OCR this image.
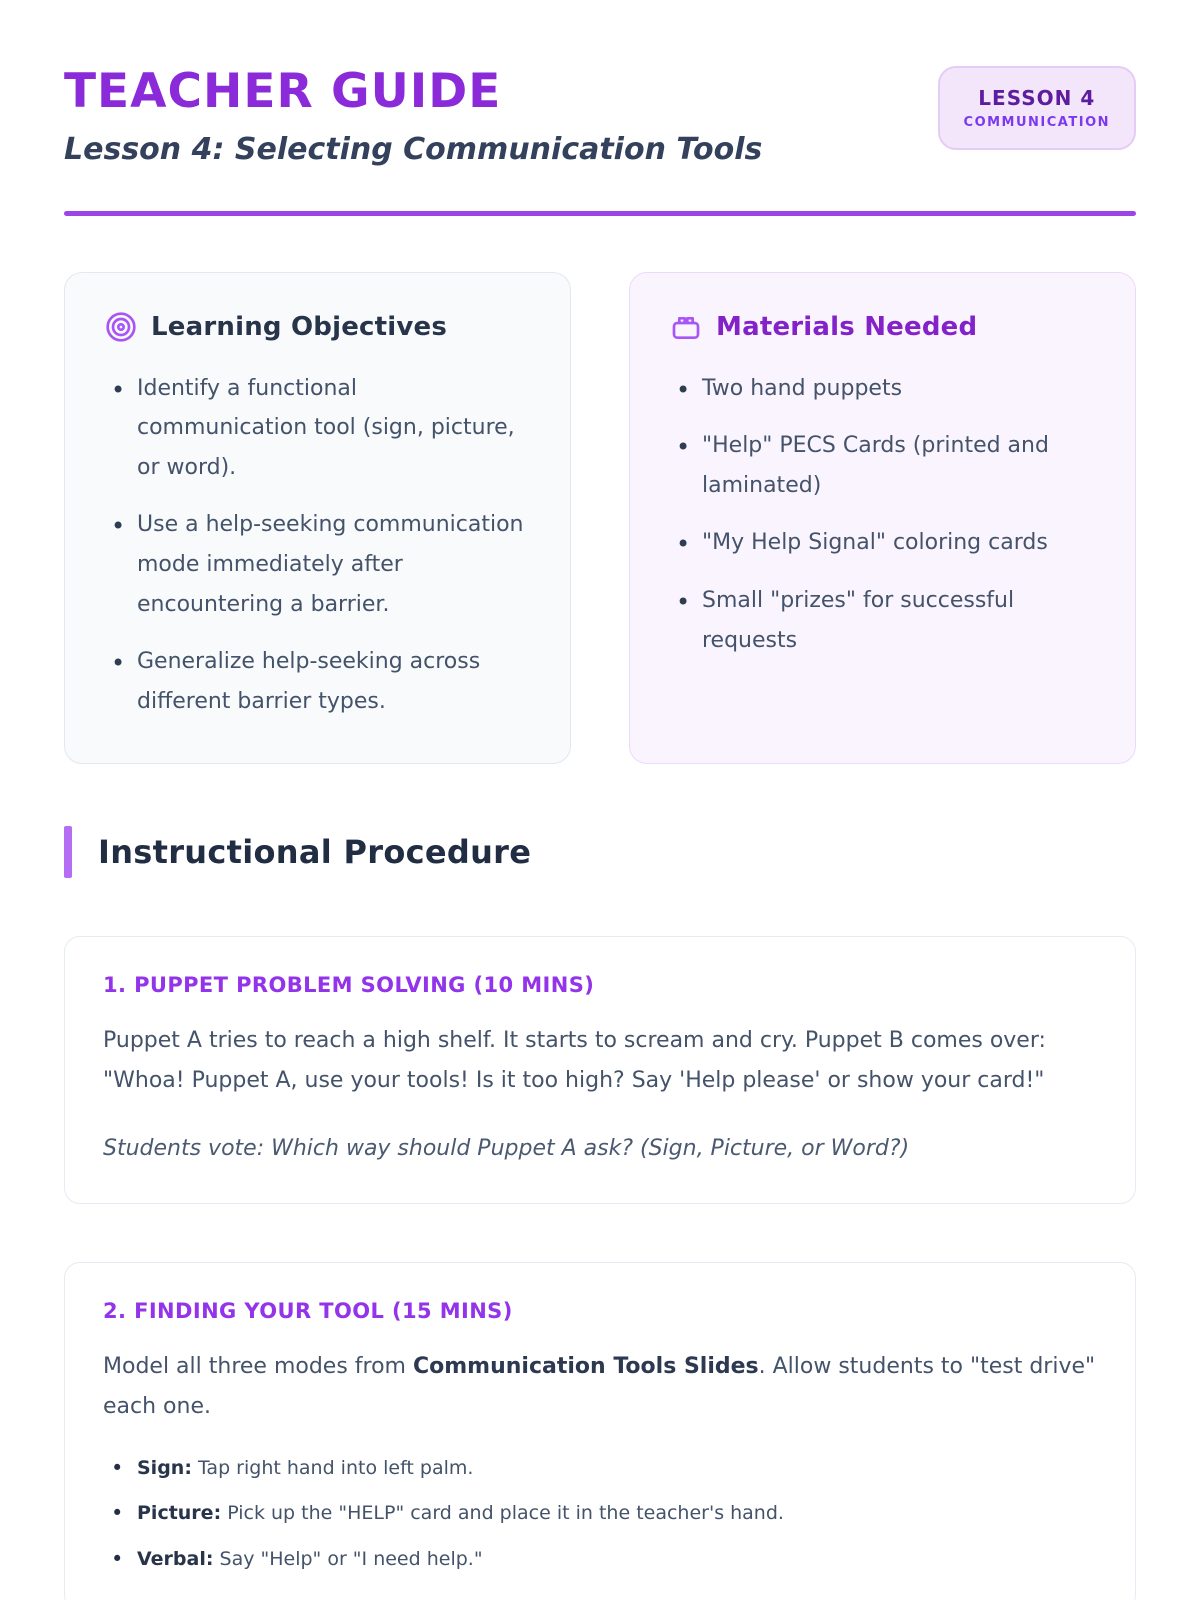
TEACHER GUIDE
Lesson 4: Selecting Communication Tools
LESSON 4
COMMUNICATION
Learning Objectives
• Identify a functional communication tool (sign, picture, or word).
• Use a help-seeking communication mode immediately after encountering a barrier.
• Generalize help-seeking across different barrier types.
Materials Needed
• Two hand puppets
• "Help" PECS Cards (printed and laminated)
• "My Help Signal" coloring cards
• Small "prizes" for successful requests
Instructional Procedure
1. PUPPET PROBLEM SOLVING (10 MINS)

Puppet A tries to reach a high shelf. It starts to scream and cry. Puppet B comes over: "Whoa! Puppet A, use your tools! Is it too high? Say 'Help please' or show your card!"

Students vote: Which way should Puppet A ask? (Sign, Picture, or Word?)

2. FINDING YOUR TOOL (15 MINS)

Model all three modes from Communication Tools Slides. Allow students to "test drive" each one.

• Sign: Tap right hand into left palm.
• Picture: Pick up the "HELP" card and place it in the teacher's hand.
• Verbal: Say "Help" or "I need help."
